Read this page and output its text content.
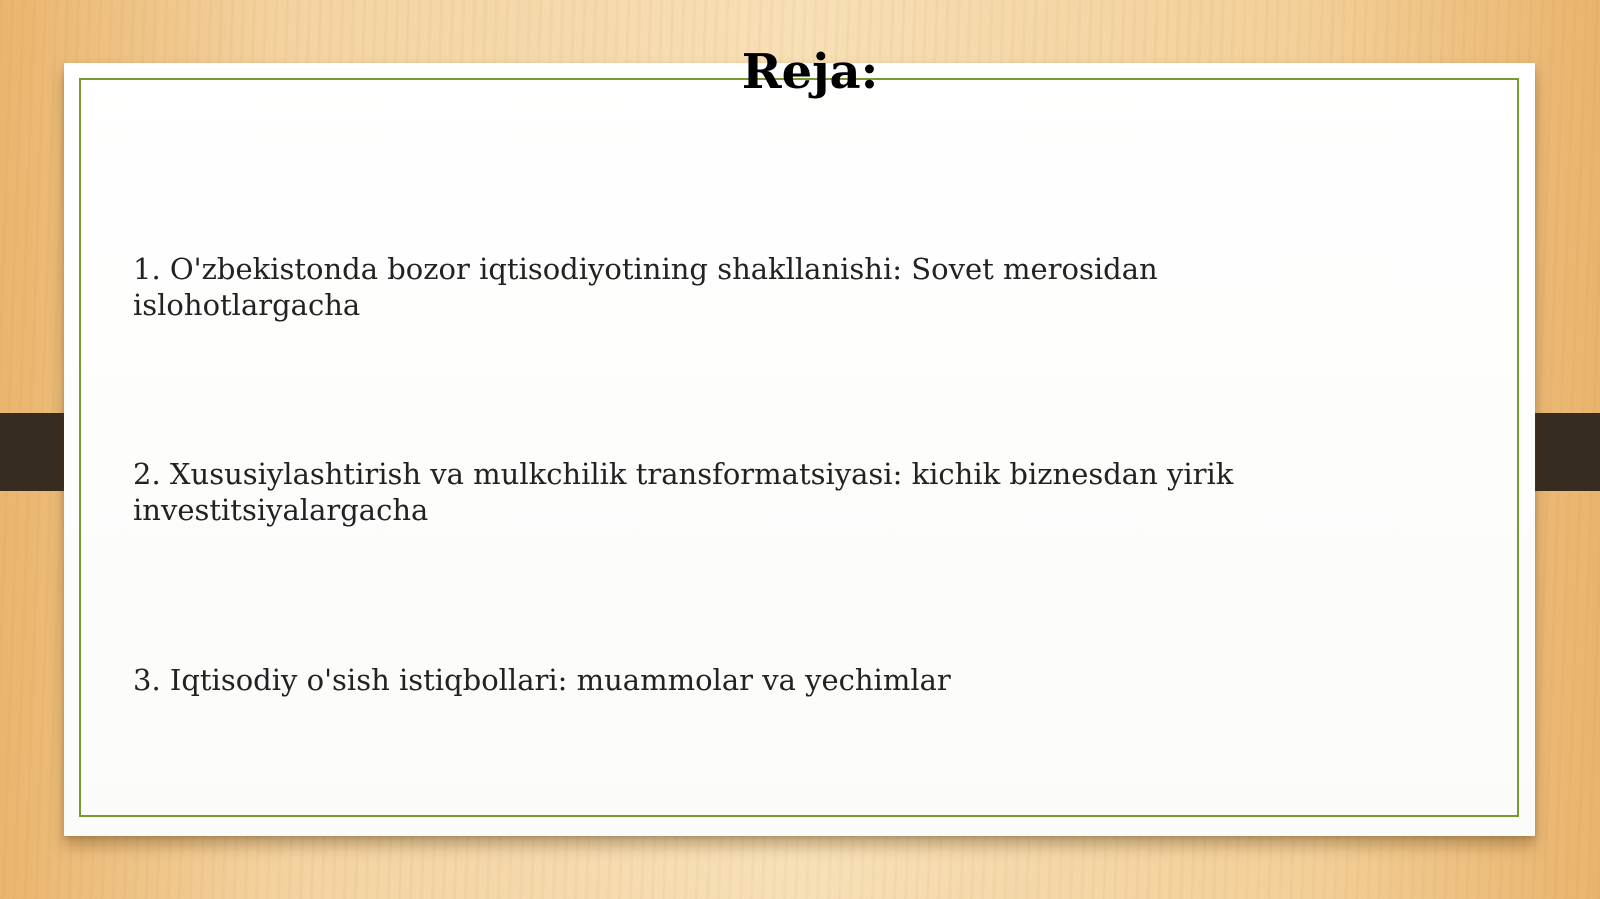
Reja:

1. O'zbekistonda bozor iqtisodiyotining shakllanishi: Sovet merosidan islohotlargacha

2. Xususiylashtirish va mulkchilik transformatsiyasi: kichik biznesdan yirik investitsiyalargacha

3. Iqtisodiy o'sish istiqbollari: muammolar va yechimlar
